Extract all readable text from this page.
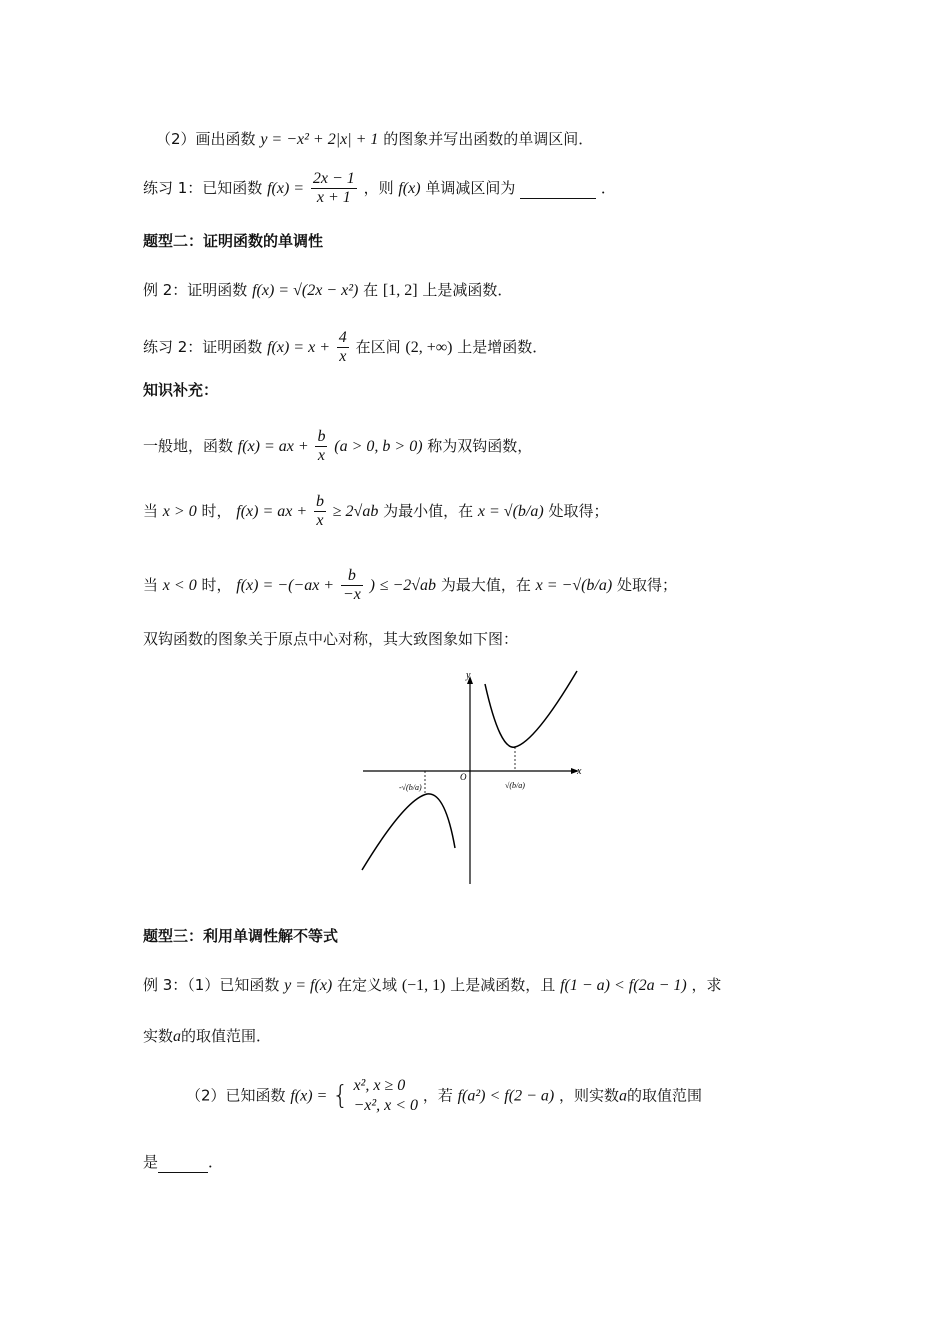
（2）画出函数 y = −x² + 2|x| + 1 的图象并写出函数的单调区间．
练习 1：已知函数 $f(x) = \frac{2x - 1}{x + 1}$ ，则 f(x) 单调减区间为	．
题型二：证明函数的单调性
例 2：证明函数 f(x) = √(2x − x²) 在 [1, 2] 上是减函数．
练习 2：证明函数 $f(x) = x + \frac{4}{x}$ 在区间 (2, +∞) 上是增函数．
知识补充：
一般地，函数 f(x) = ax + $\frac{b}{x} (a > 0$, b > 0) 称为双钩函数，
当 x > 0 时， f(x) = ax + $\frac{b}{x} \ge 2√ab$ 为最小值，在 x = √(b/a) 处取得；
当 x < 0 时， $f(x) = -(-ax + \frac{b}{-x}$ ) ≤ −2√ab 为最大值，在 x = −√(b/a) 处取得；
双钩函数的图象关于原点中心对称，其大致图象如下图：
y
x
O
-√(b/a)	√(b/a)
题型三：利用单调性解不等式
例 3：（1）已知函数 y = f(x) 在定义域 (−1, 1) 上是减函数，且 f(1 − a) < f(2a − 1) ，求
实数a的取值范围．
（2）已知函数 f(x) = { x², x ≥ 0
−x², x < 0
，若 f(a²) < f(2 − a) ，则实数a的取值范围
是	．
